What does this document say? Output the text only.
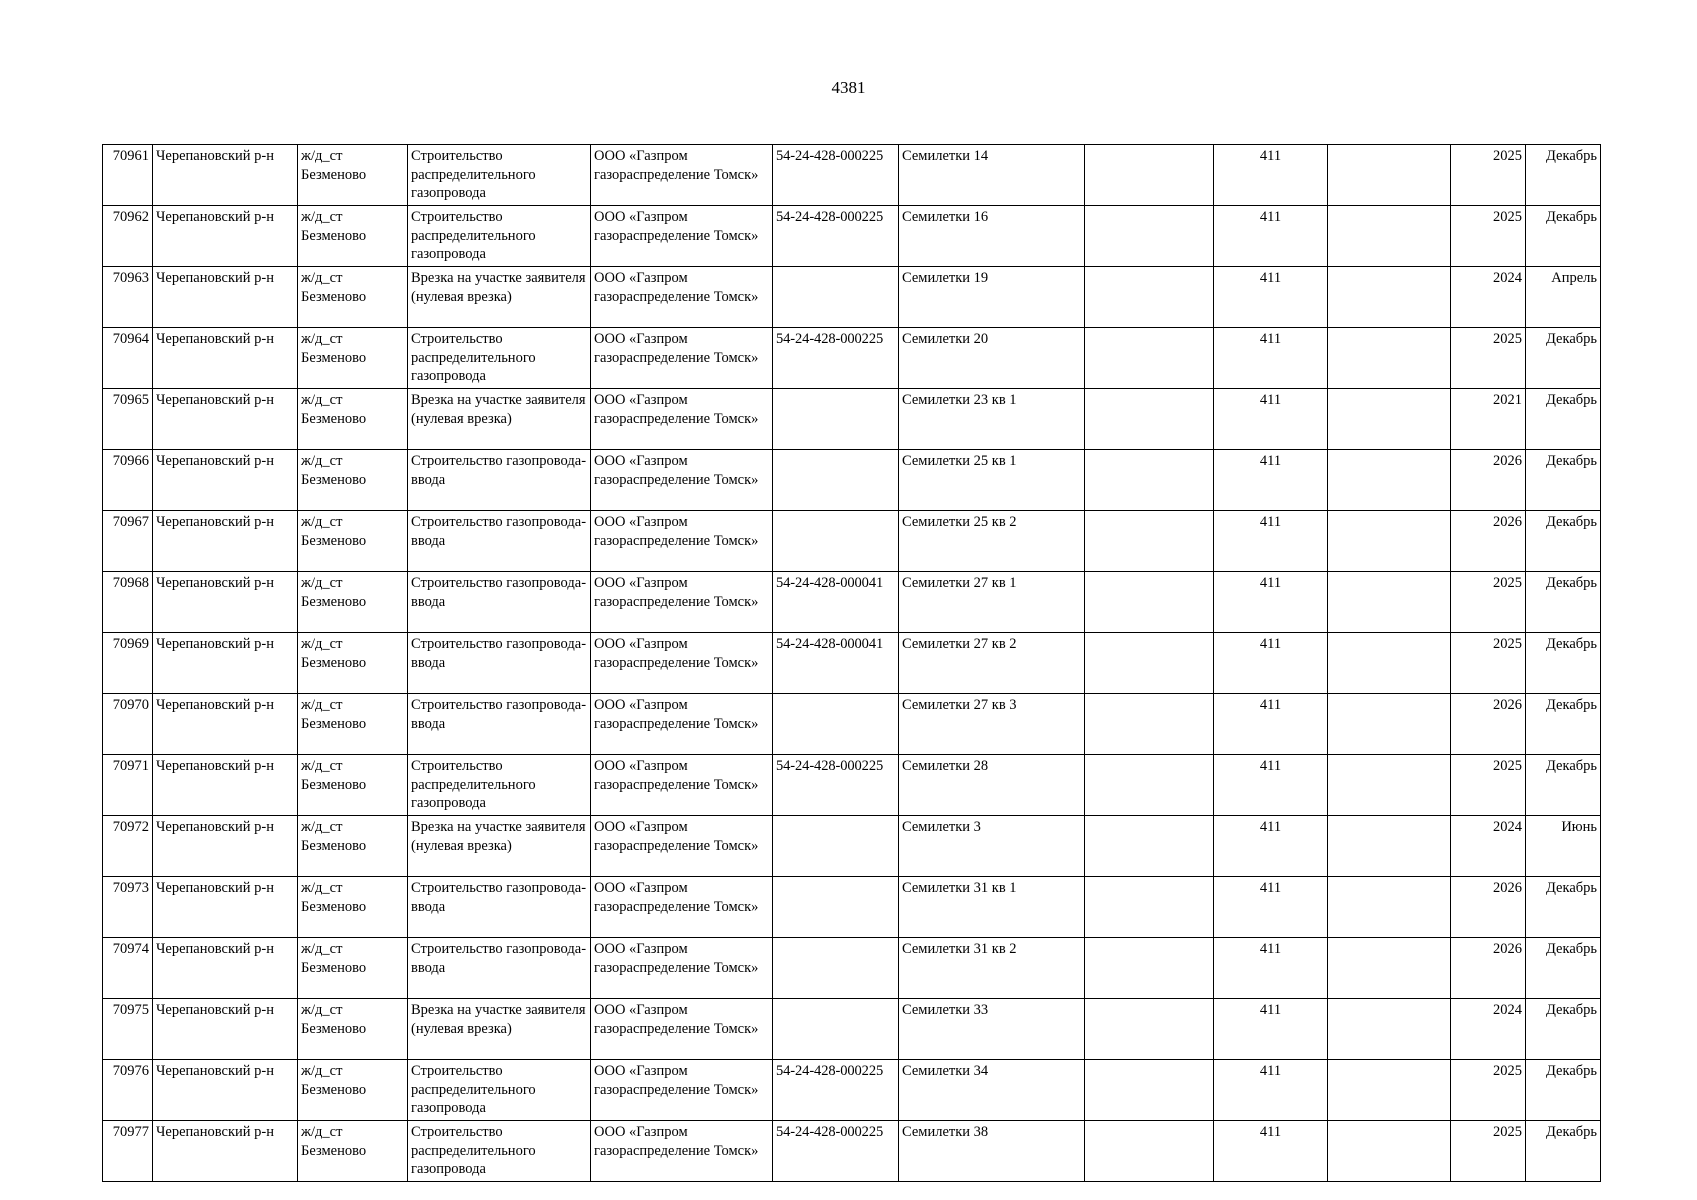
4381
70961	Черепановский р-н	ж/д_ст Безменово	Строительство распределительного газопровода	ООО «Газпром газораспределение Томск»	54-24-428-000225	Семилетки 14		411		2025	Декабрь
70962	Черепановский р-н	ж/д_ст Безменово	Строительство распределительного газопровода	ООО «Газпром газораспределение Томск»	54-24-428-000225	Семилетки 16		411		2025	Декабрь
70963	Черепановский р-н	ж/д_ст Безменово	Врезка на участке заявителя (нулевая врезка)	ООО «Газпром газораспределение Томск»		Семилетки 19		411		2024	Апрель
70964	Черепановский р-н	ж/д_ст Безменово	Строительство распределительного газопровода	ООО «Газпром газораспределение Томск»	54-24-428-000225	Семилетки 20		411		2025	Декабрь
70965	Черепановский р-н	ж/д_ст Безменово	Врезка на участке заявителя (нулевая врезка)	ООО «Газпром газораспределение Томск»		Семилетки 23 кв 1		411		2021	Декабрь
70966	Черепановский р-н	ж/д_ст Безменово	Строительство газопровода-ввода	ООО «Газпром газораспределение Томск»		Семилетки 25 кв 1		411		2026	Декабрь
70967	Черепановский р-н	ж/д_ст Безменово	Строительство газопровода-ввода	ООО «Газпром газораспределение Томск»		Семилетки 25 кв 2		411		2026	Декабрь
70968	Черепановский р-н	ж/д_ст Безменово	Строительство газопровода-ввода	ООО «Газпром газораспределение Томск»	54-24-428-000041	Семилетки 27 кв 1		411		2025	Декабрь
70969	Черепановский р-н	ж/д_ст Безменово	Строительство газопровода-ввода	ООО «Газпром газораспределение Томск»	54-24-428-000041	Семилетки 27 кв 2		411		2025	Декабрь
70970	Черепановский р-н	ж/д_ст Безменово	Строительство газопровода-ввода	ООО «Газпром газораспределение Томск»		Семилетки 27 кв 3		411		2026	Декабрь
70971	Черепановский р-н	ж/д_ст Безменово	Строительство распределительного газопровода	ООО «Газпром газораспределение Томск»	54-24-428-000225	Семилетки 28		411		2025	Декабрь
70972	Черепановский р-н	ж/д_ст Безменово	Врезка на участке заявителя (нулевая врезка)	ООО «Газпром газораспределение Томск»		Семилетки 3		411		2024	Июнь
70973	Черепановский р-н	ж/д_ст Безменово	Строительство газопровода-ввода	ООО «Газпром газораспределение Томск»		Семилетки 31 кв 1		411		2026	Декабрь
70974	Черепановский р-н	ж/д_ст Безменово	Строительство газопровода-ввода	ООО «Газпром газораспределение Томск»		Семилетки 31 кв 2		411		2026	Декабрь
70975	Черепановский р-н	ж/д_ст Безменово	Врезка на участке заявителя (нулевая врезка)	ООО «Газпром газораспределение Томск»		Семилетки 33		411		2024	Декабрь
70976	Черепановский р-н	ж/д_ст Безменово	Строительство распределительного газопровода	ООО «Газпром газораспределение Томск»	54-24-428-000225	Семилетки 34		411		2025	Декабрь
70977	Черепановский р-н	ж/д_ст Безменово	Строительство распределительного газопровода	ООО «Газпром газораспределение Томск»	54-24-428-000225	Семилетки 38		411		2025	Декабрь
